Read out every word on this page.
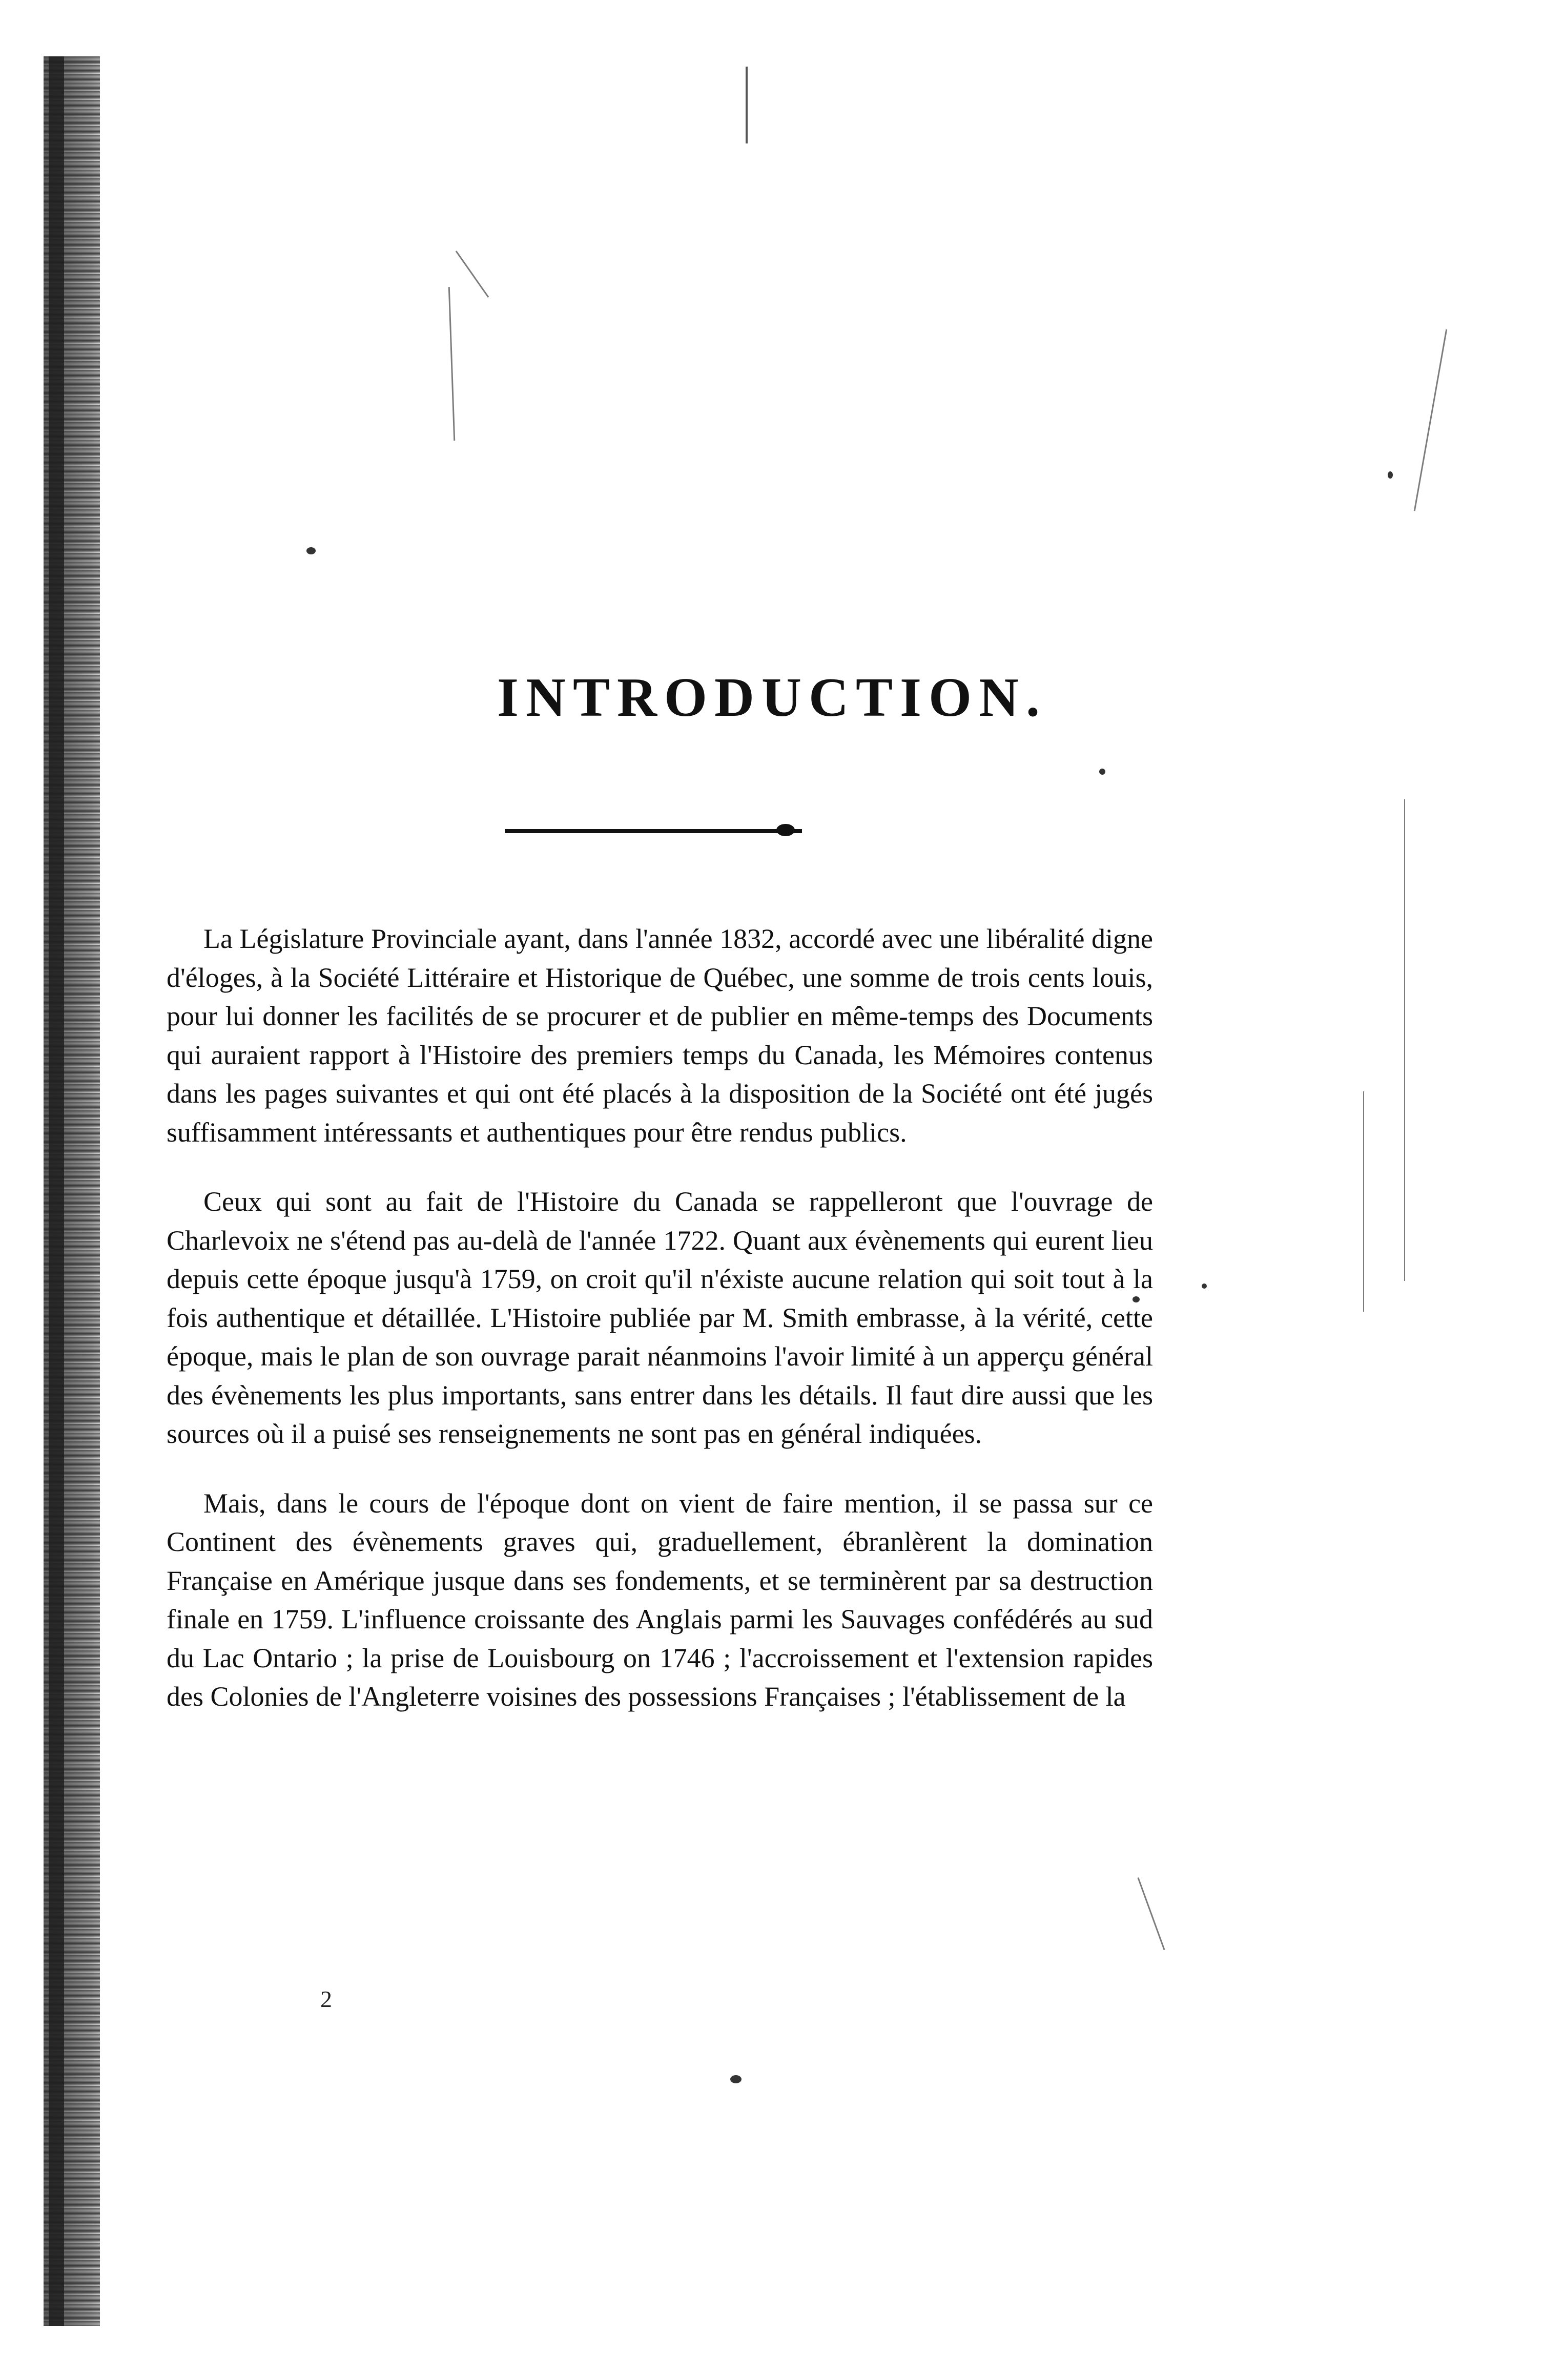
INTRODUCTION.

La Législature Provinciale ayant, dans l'année 1832, accordé avec une libéralité digne d'éloges, à la Société Littéraire et Historique de Québec, une somme de trois cents louis, pour lui donner les facilités de se procurer et de publier en même-temps des Documents qui auraient rapport à l'Histoire des premiers temps du Canada, les Mémoires contenus dans les pages suivantes et qui ont été placés à la disposition de la Société ont été jugés suffisamment intéressants et authentiques pour être rendus publics.

Ceux qui sont au fait de l'Histoire du Canada se rappelleront que l'ouvrage de Charlevoix ne s'étend pas au-delà de l'année 1722. Quant aux évènements qui eurent lieu depuis cette époque jusqu'à 1759, on croit qu'il n'éxiste aucune relation qui soit tout à la fois authentique et détaillée. L'Histoire publiée par M. Smith embrasse, à la vérité, cette époque, mais le plan de son ouvrage parait néanmoins l'avoir limité à un apperçu général des évènements les plus importants, sans entrer dans les détails. Il faut dire aussi que les sources où il a puisé ses renseignements ne sont pas en général indiquées.

Mais, dans le cours de l'époque dont on vient de faire mention, il se passa sur ce Continent des évènements graves qui, graduellement, ébranlèrent la domination Française en Amérique jusque dans ses fondements, et se terminèrent par sa destruction finale en 1759. L'influence croissante des Anglais parmi les Sauvages confédérés au sud du Lac Ontario ; la prise de Louisbourg on 1746 ; l'accroissement et l'extension rapides des Colonies de l'Angleterre voisines des possessions Françaises ; l'établissement de la

2
